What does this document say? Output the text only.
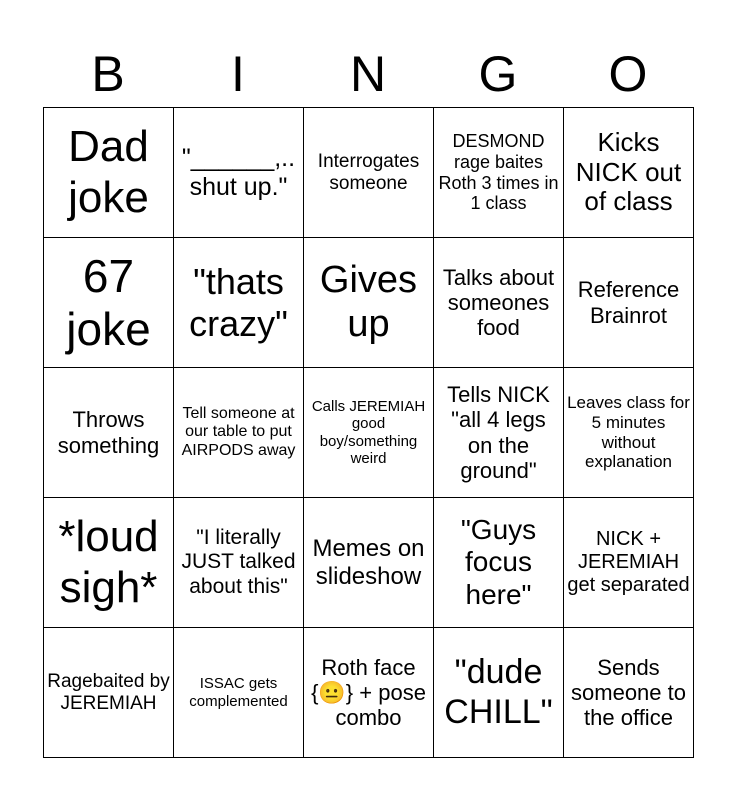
B	I	N	G	O
Dad joke	"______,.. shut up."	Interrogates someone	DESMOND rage baites Roth 3 times in 1 class	Kicks NICK out of class
67 joke	"thats crazy"	Gives up	Talks about someones food	Reference Brainrot
Throws something	Tell someone at our table to put AIRPODS away	Calls JEREMIAH good boy/something weird	Tells NICK "all 4 legs on the ground"	Leaves class for 5 minutes without explanation
*loud sigh*	"I literally JUST talked about this"	Memes on slideshow	"Guys focus here"	NICK + JEREMIAH get separated
Ragebaited by JEREMIAH	ISSAC gets complemented	Roth face {😐} + pose combo	"dude CHILL"	Sends someone to the office
